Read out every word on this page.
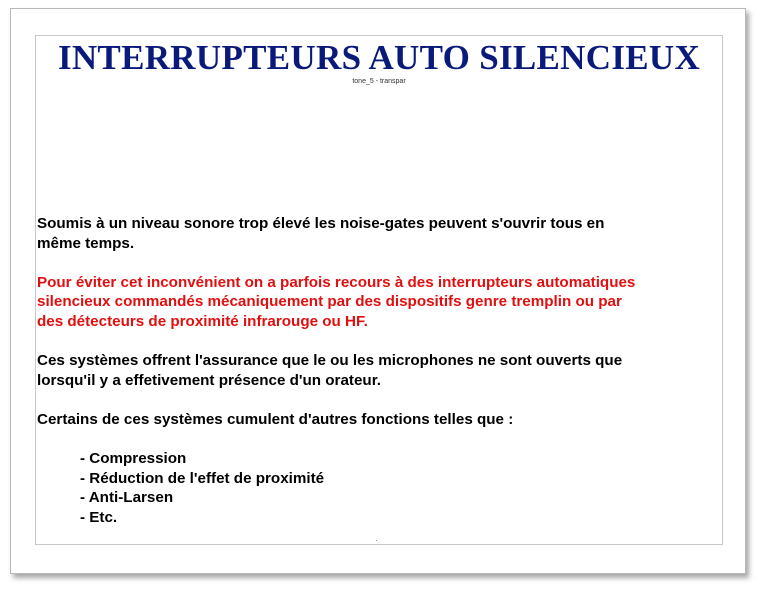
INTERRUPTEURS AUTO SILENCIEUX
tone_5 - transpar

Soumis à un niveau sonore trop élevé les noise-gates peuvent s'ouvrir tous en
même temps.

Pour éviter cet inconvénient on a parfois recours à des interrupteurs automatiques
silencieux commandés mécaniquement par des dispositifs genre tremplin ou par
des détecteurs de proximité infrarouge ou HF.

Ces systèmes offrent l'assurance que le ou les microphones ne sont ouverts que
lorsqu'il y a effetivement présence d'un orateur.

Certains de ces systèmes cumulent d'autres fonctions telles que :

- Compression
- Réduction de l'effet de proximité
- Anti-Larsen
- Etc.
